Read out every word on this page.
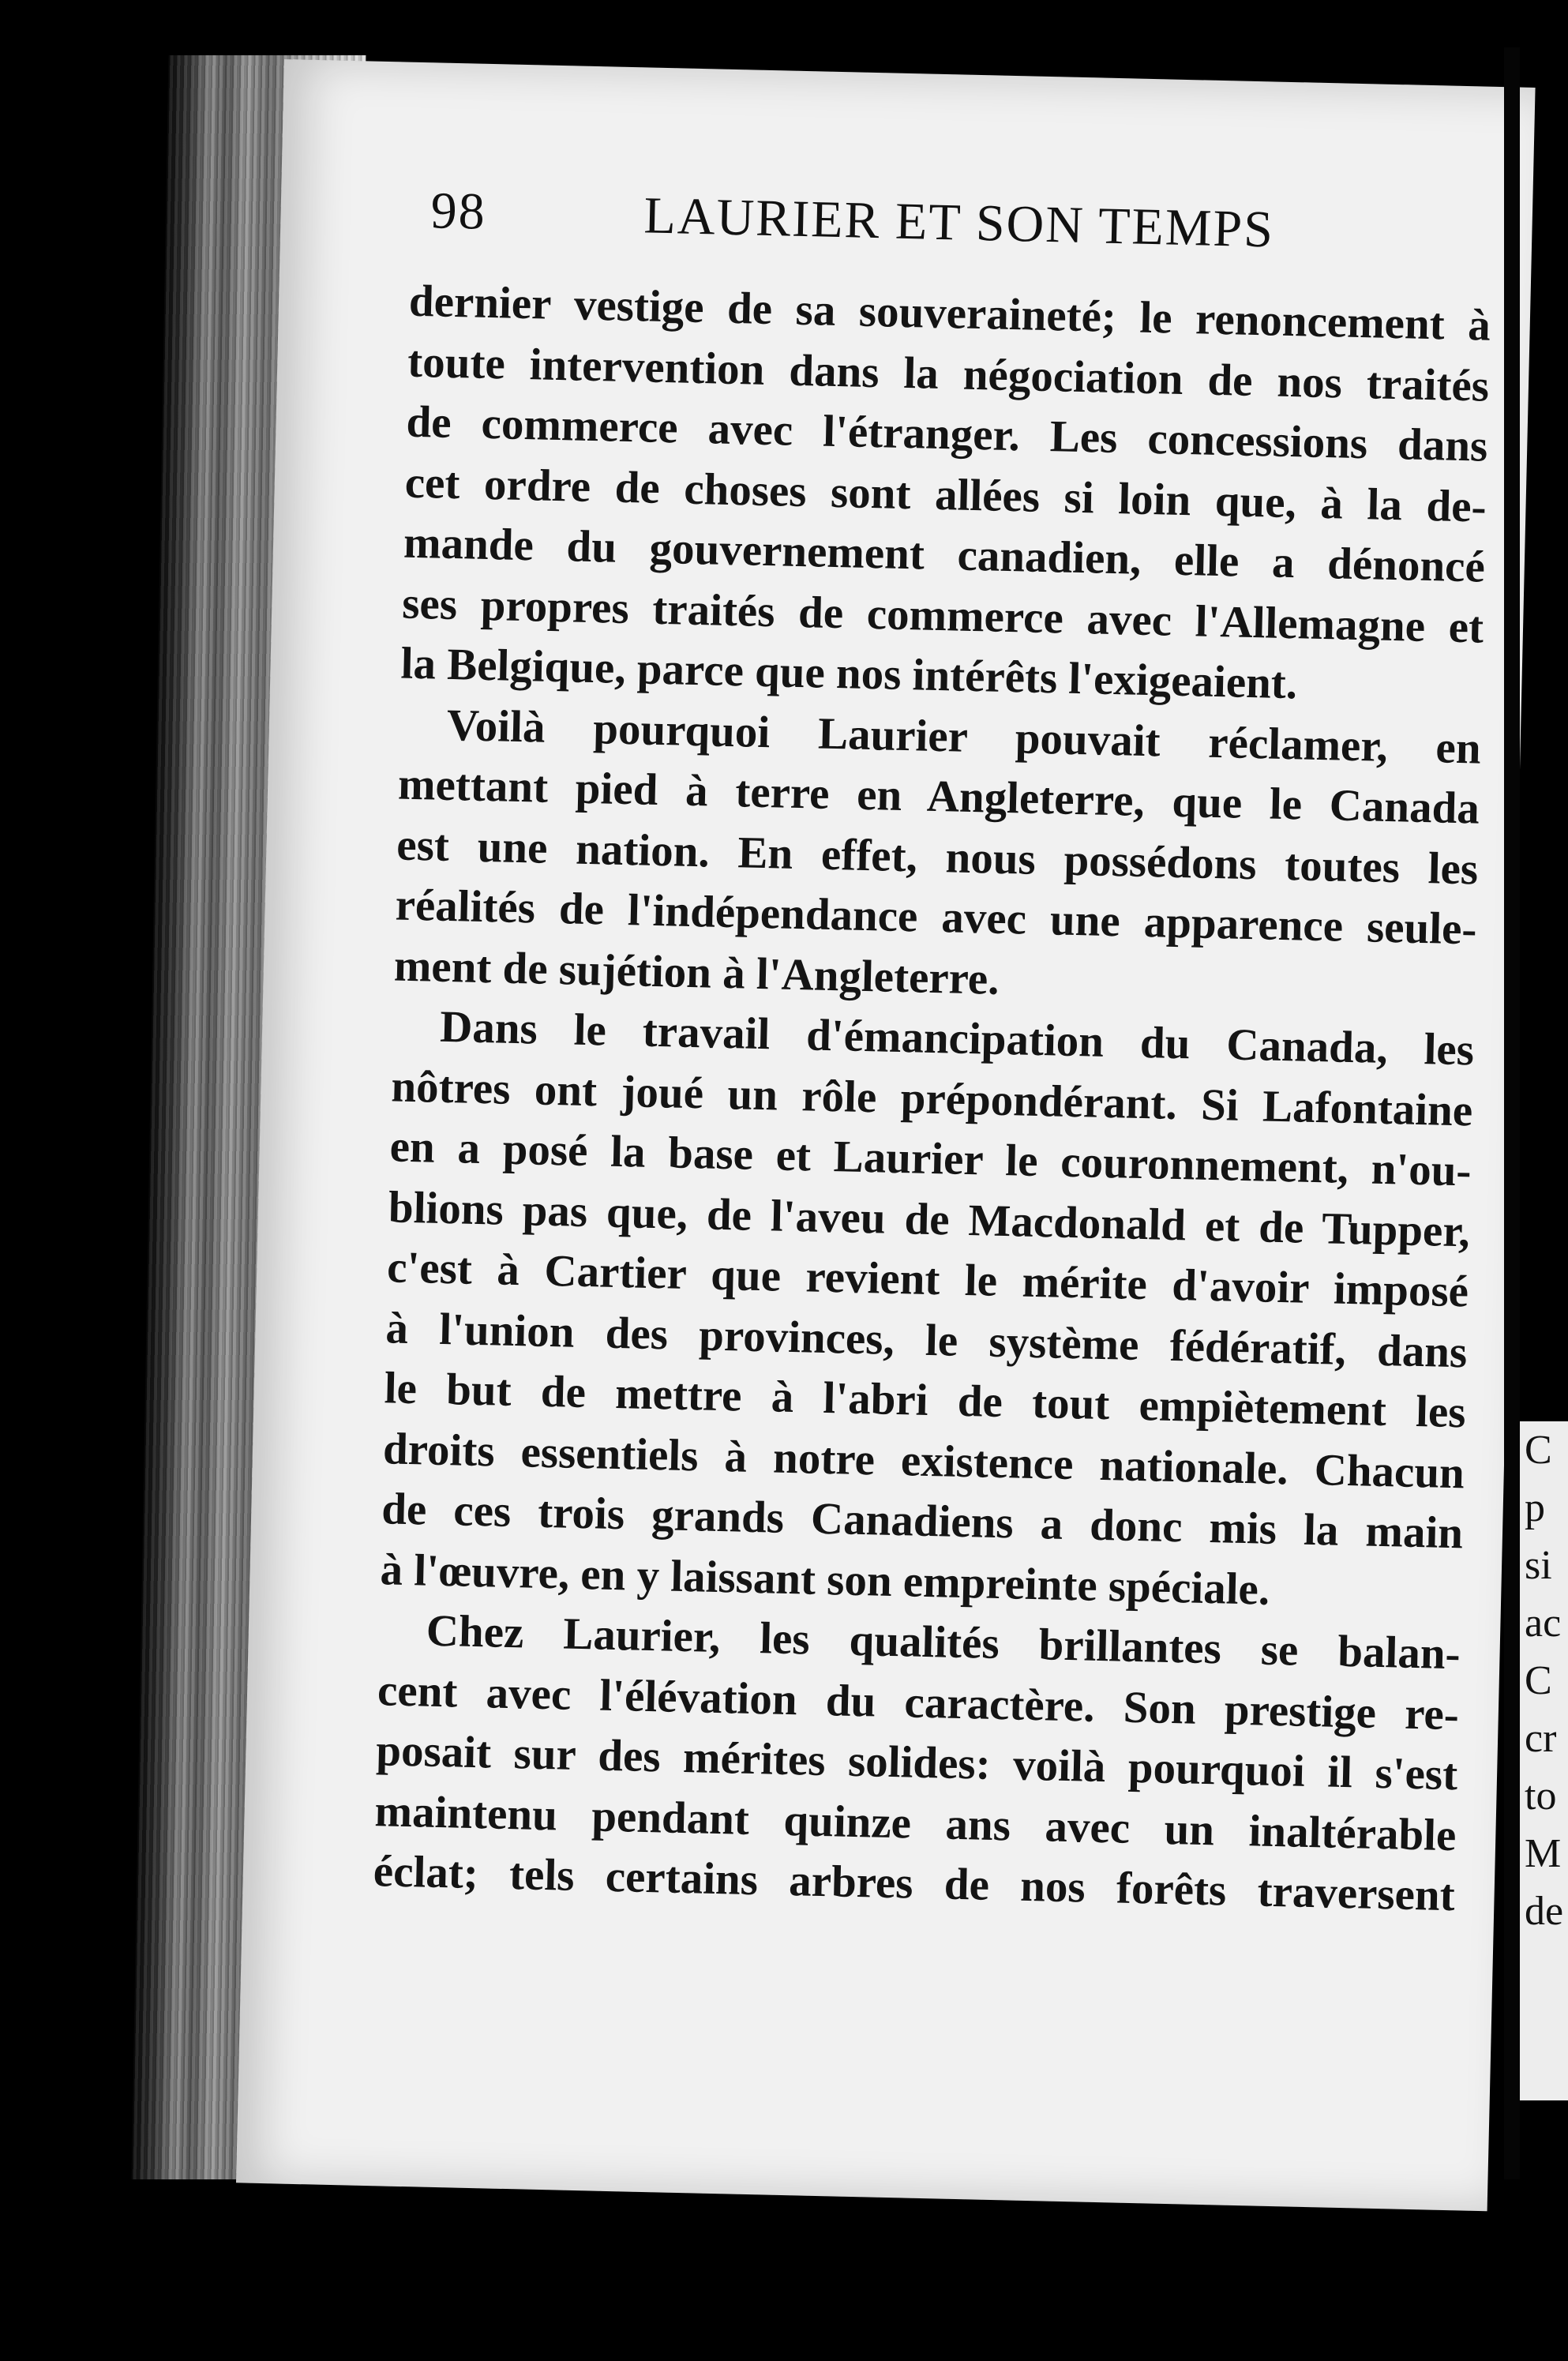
98	LAURIER ET SON TEMPS
dernier vestige de sa souveraineté; le renoncement à
toute intervention dans la négociation de nos traités
de commerce avec l'étranger. Les concessions dans
cet ordre de choses sont allées si loin que, à la de-
mande du gouvernement canadien, elle a dénoncé
ses propres traités de commerce avec l'Allemagne et
la Belgique, parce que nos intérêts l'exigeaient.
Voilà pourquoi Laurier pouvait réclamer, en
mettant pied à terre en Angleterre, que le Canada
est une nation. En effet, nous possédons toutes les
réalités de l'indépendance avec une apparence seule-
ment de sujétion à l'Angleterre.
Dans le travail d'émancipation du Canada, les
nôtres ont joué un rôle prépondérant. Si Lafontaine
en a posé la base et Laurier le couronnement, n'ou-
blions pas que, de l'aveu de Macdonald et de Tupper,
c'est à Cartier que revient le mérite d'avoir imposé
à l'union des provinces, le système fédératif, dans
le but de mettre à l'abri de tout empiètement les
droits essentiels à notre existence nationale. Chacun
de ces trois grands Canadiens a donc mis la main
à l'œuvre, en y laissant son empreinte spéciale.
Chez Laurier, les qualités brillantes se balan-
cent avec l'élévation du caractère. Son prestige re-
posait sur des mérites solides: voilà pourquoi il s'est
maintenu pendant quinze ans avec un inaltérable
éclat; tels certains arbres de nos forêts traversent
C
p
si
ac
C
cr
to
M
de
